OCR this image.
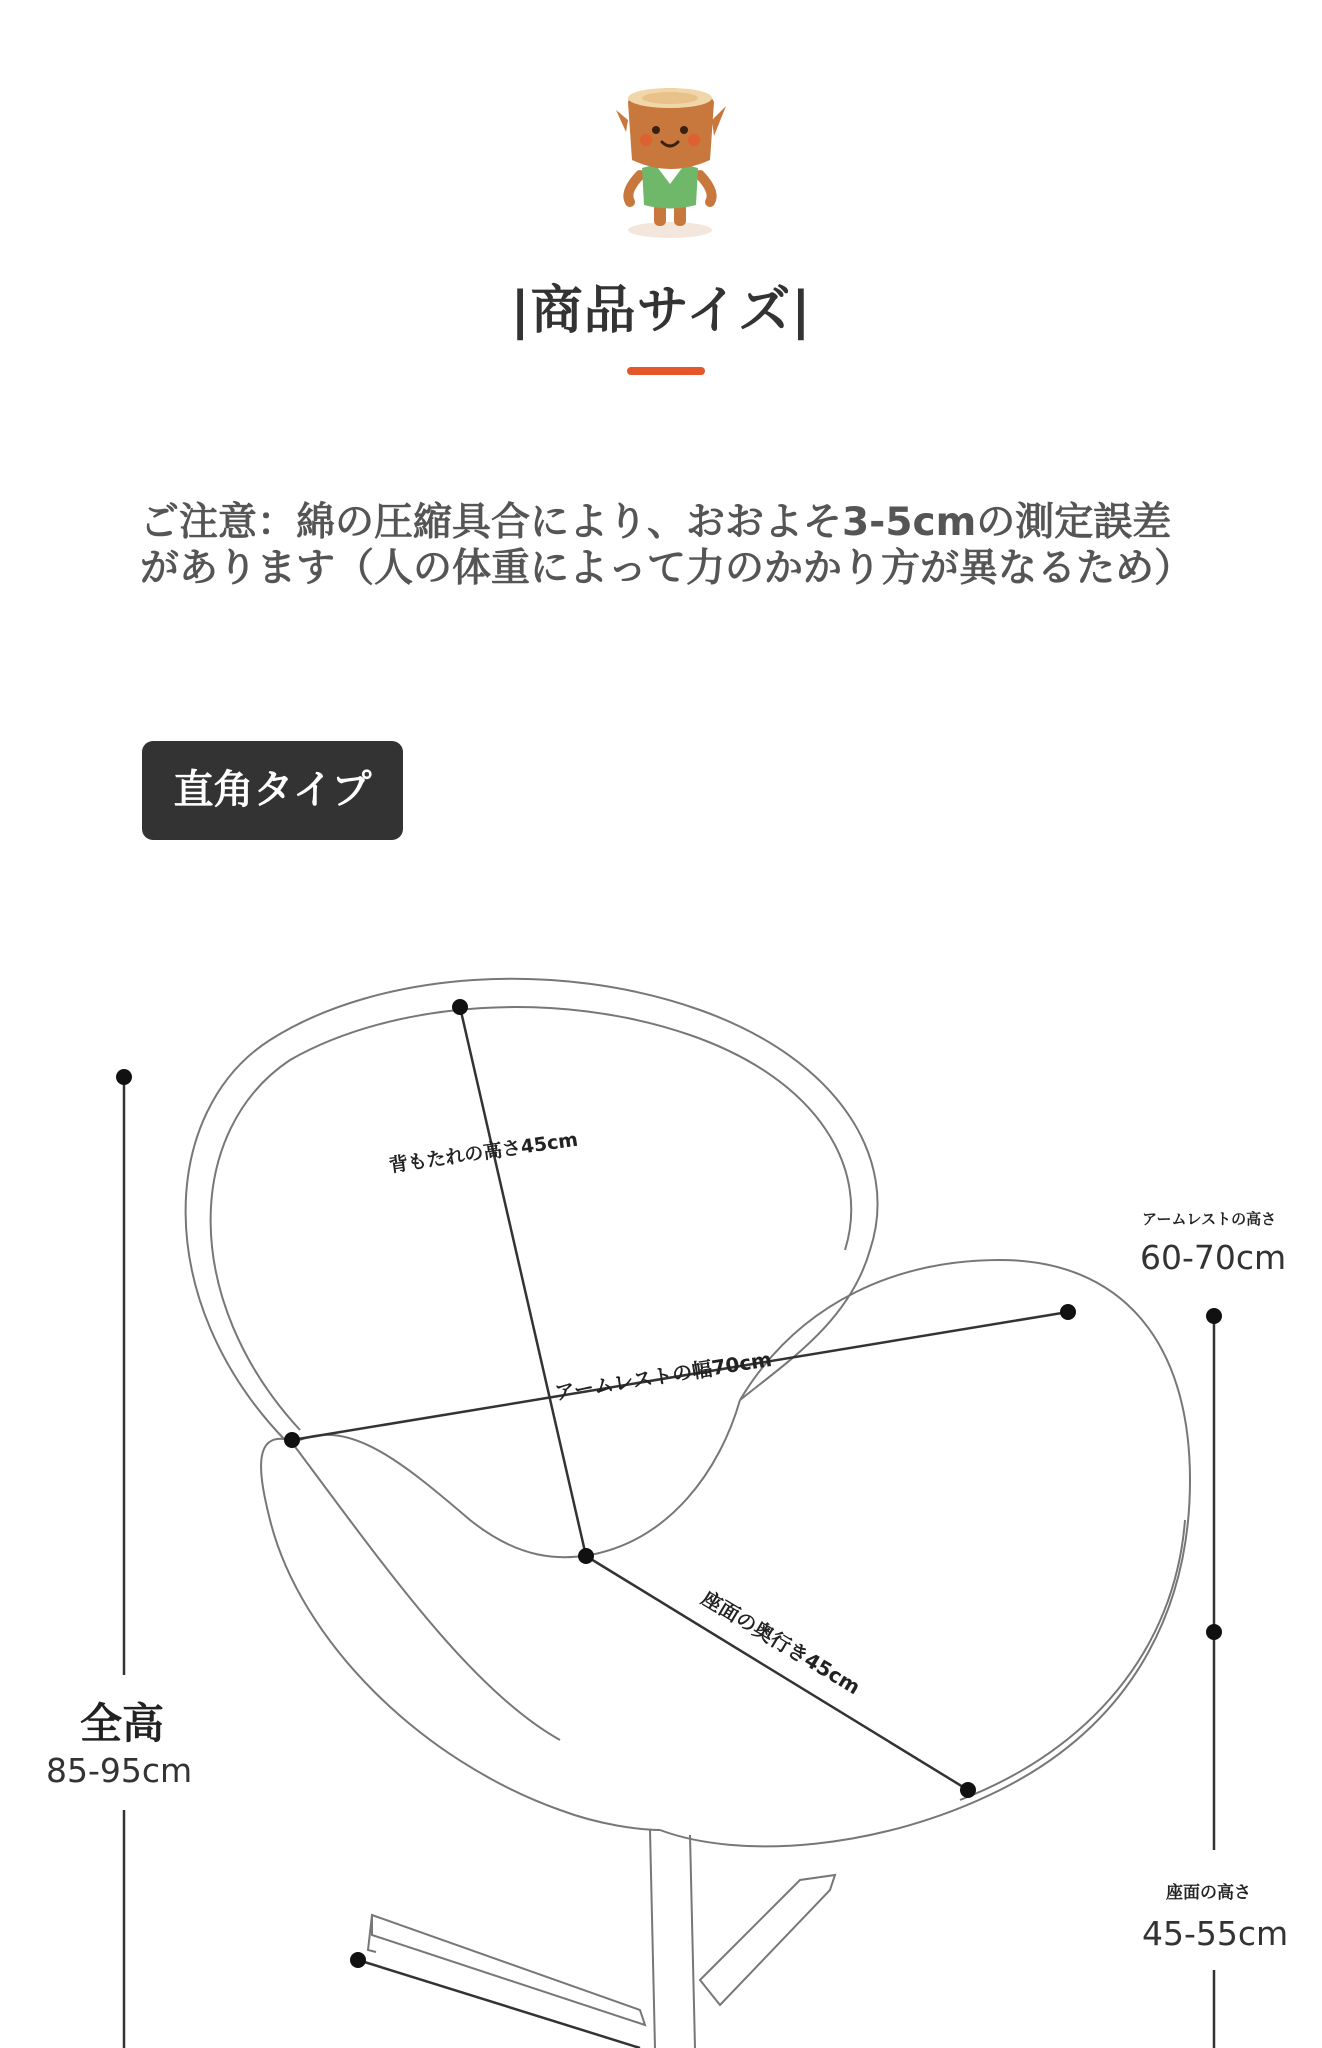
|商品サイズ|
ご注意：綿の圧縮具合により、おおよそ3-5cmの測定誤差
があります（人の体重によって力のかかり方が異なるため）
直角タイプ
背もたれの高さ45cm
アームレストの幅70cm
座面の奥行き45cm
アームレストの高さ
60-70cm
全高
85-95cm
座面の高さ
45-55cm
